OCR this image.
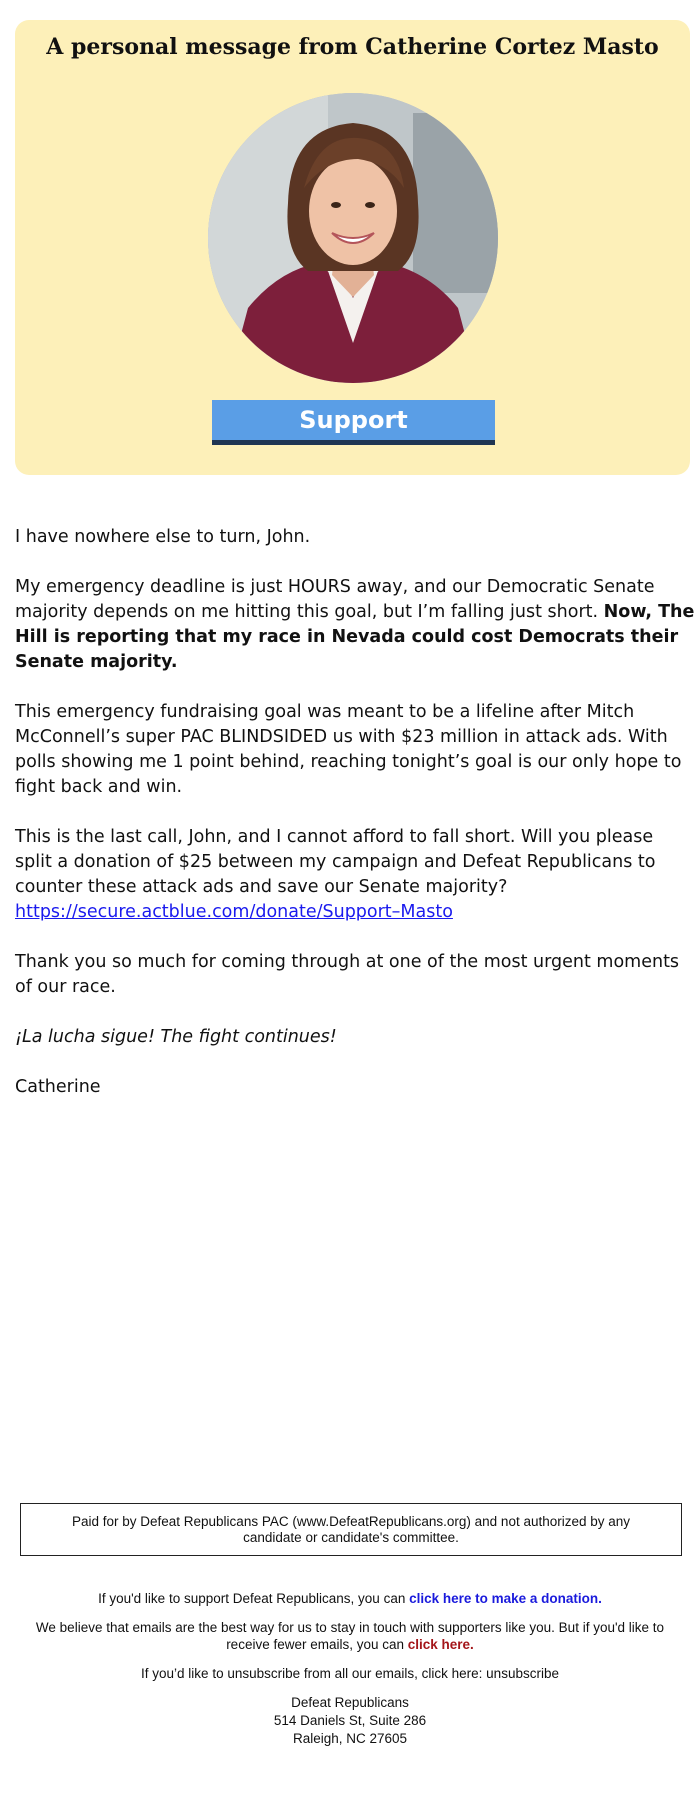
A personal message from Catherine Cortez Masto
Support

I have nowhere else to turn, John.

My emergency deadline is just HOURS away, and our Democratic Senate majority depends on me hitting this goal, but I’m falling just short. Now, The Hill is reporting that my race in Nevada could cost Democrats their Senate majority.

This emergency fundraising goal was meant to be a lifeline after Mitch McConnell’s super PAC BLINDSIDED us with $23 million in attack ads. With polls showing me 1 point behind, reaching tonight’s goal is our only hope to fight back and win.

This is the last call, John, and I cannot afford to fall short. Will you please split a donation of $25 between my campaign and Defeat Republicans to counter these attack ads and save our Senate majority?
https://secure.actblue.com/donate/Support–Masto

Thank you so much for coming through at one of the most urgent moments of our race.

¡La lucha sigue! The fight continues!

Catherine

Paid for by Defeat Republicans PAC (www.DefeatRepublicans.org) and not authorized by any candidate or candidate's committee.

If you'd like to support Defeat Republicans, you can click here to make a donation.

We believe that emails are the best way for us to stay in touch with supporters like you. But if you'd like to receive fewer emails, you can click here.

If you’d like to unsubscribe from all our emails, click here: unsubscribe

Defeat Republicans
514 Daniels St, Suite 286
Raleigh, NC 27605
